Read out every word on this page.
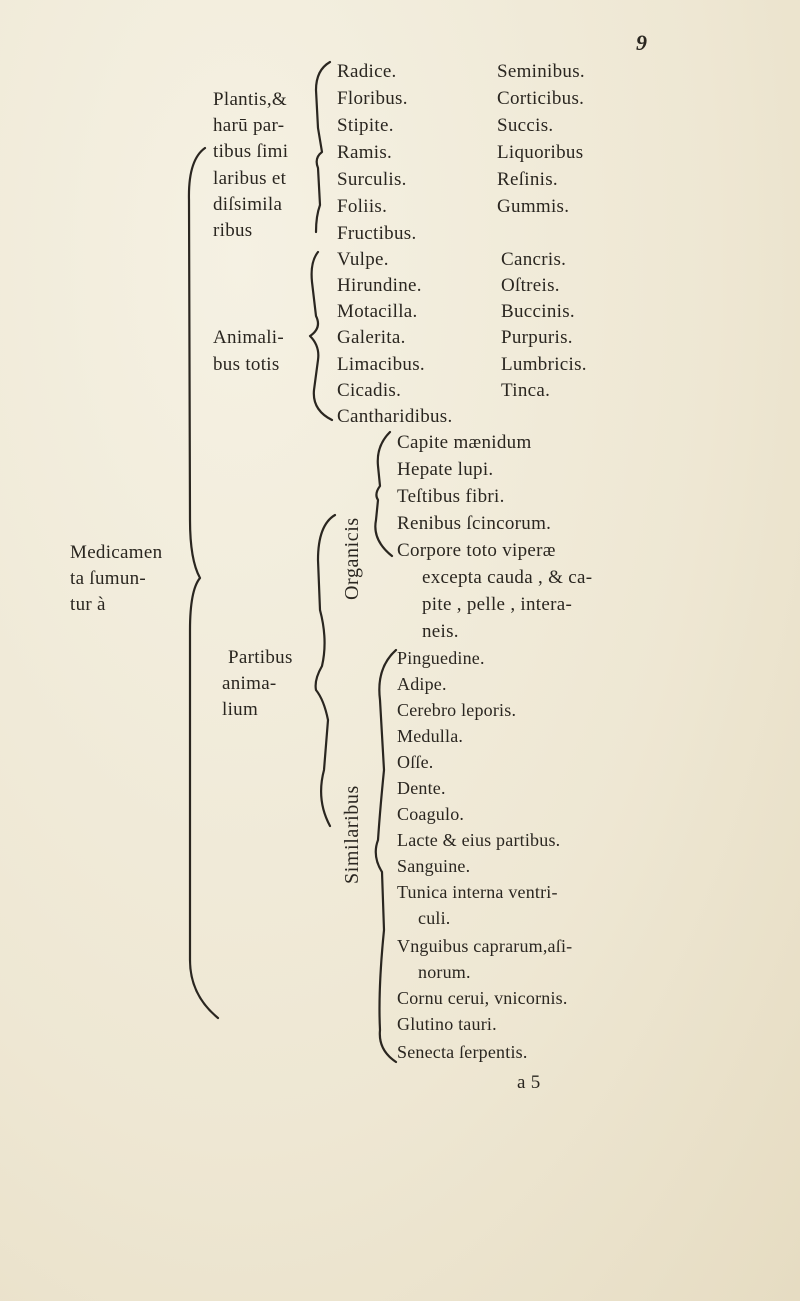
9
Medicamen
ta ſumun-
tur à
Plantis,&
harū par-
tibus ſimi
laribus et
diſsimila
ribus
Radice.
Floribus.
Stipite.
Ramis.
Surculis.
Foliis.
Fructibus.
Seminibus.
Corticibus.
Succis.
Liquoribus
Reſinis.
Gummis.
Animali-
bus totis
Vulpe.
Hirundine.
Motacilla.
Galerita.
Limacibus.
Cicadis.
Cantharidibus.
Cancris.
Oſtreis.
Buccinis.
Purpuris.
Lumbricis.
Tinca.
Partibus
anima-
lium
Organicis
Similaribus
Capite mænidum
Hepate lupi.
Teſtibus fibri.
Renibus ſcincorum.
Corpore toto viperæ
excepta cauda , & ca-
pite , pelle , intera-
neis.
Pinguedine.
Adipe.
Cerebro leporis.
Medulla.
Oſſe.
Dente.
Coagulo.
Lacte & eius partibus.
Sanguine.
Tunica interna ventri-
culi.
Vnguibus caprarum,aſi-
norum.
Cornu cerui, vnicornis.
Glutino tauri.
Senecta ſerpentis.
a 5
